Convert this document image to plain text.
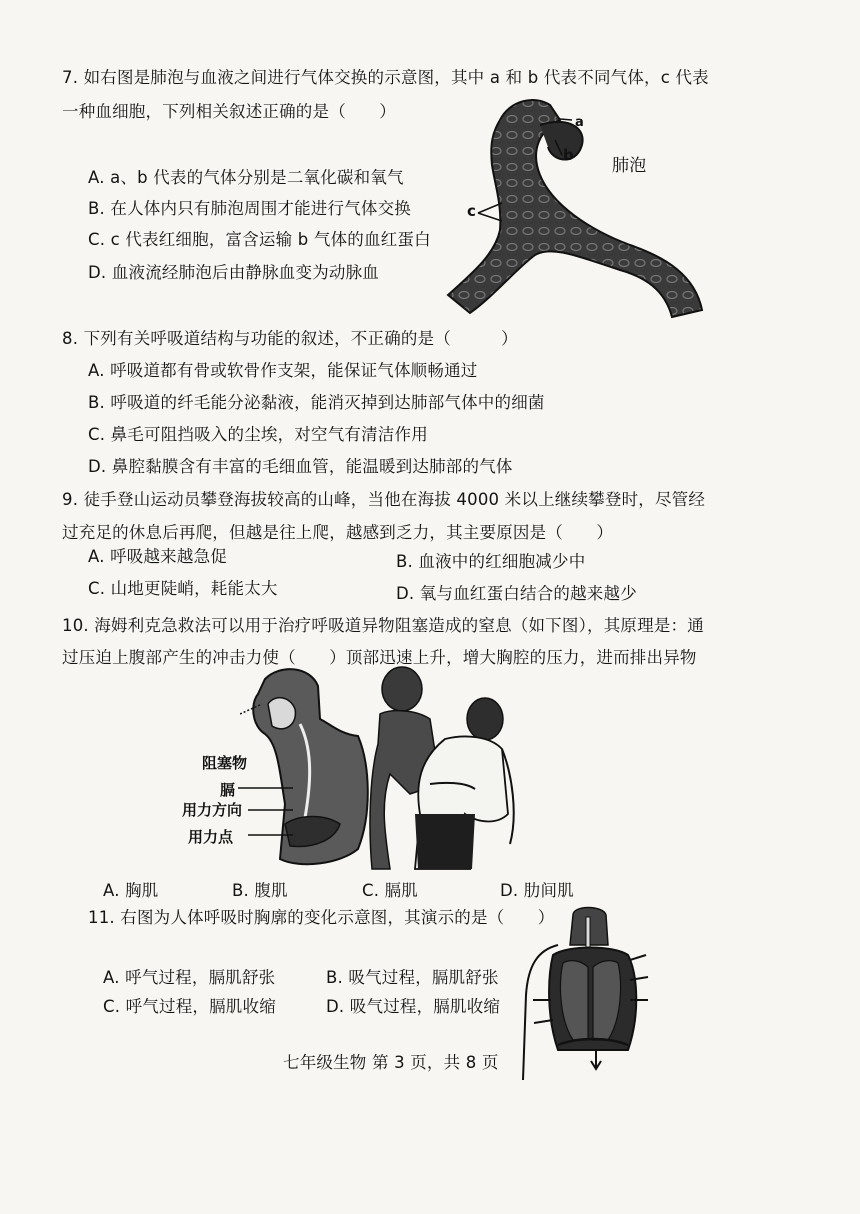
7. 如右图是肺泡与血液之间进行气体交换的示意图，其中 a 和 b 代表不同气体，c 代表
一种血细胞，下列相关叙述正确的是（　　）
A. a、b 代表的气体分别是二氧化碳和氧气
B. 在人体内只有肺泡周围才能进行气体交换
C. c 代表红细胞，富含运输 b 气体的血红蛋白
D. 血液流经肺泡后由静脉血变为动脉血
a
b
c
肺泡
8. 下列有关呼吸道结构与功能的叙述，不正确的是（　　　）
A. 呼吸道都有骨或软骨作支架，能保证气体顺畅通过
B. 呼吸道的纤毛能分泌黏液，能消灭掉到达肺部气体中的细菌
C. 鼻毛可阻挡吸入的尘埃，对空气有清洁作用
D. 鼻腔黏膜含有丰富的毛细血管，能温暖到达肺部的气体
9. 徒手登山运动员攀登海拔较高的山峰，当他在海拔 4000 米以上继续攀登时，尽管经
过充足的休息后再爬，但越是往上爬，越感到乏力，其主要原因是（　　）
A. 呼吸越来越急促	B. 血液中的红细胞减少中
C. 山地更陡峭，耗能太大	D. 氧与血红蛋白结合的越来越少
10. 海姆利克急救法可以用于治疗呼吸道异物阻塞造成的窒息（如下图），其原理是：通
过压迫上腹部产生的冲击力使（　　）顶部迅速上升，增大胸腔的压力，进而排出异物
阻塞物
膈
用力方向
用力点
A. 胸肌	B. 腹肌	C. 膈肌	D. 肋间肌
11. 右图为人体呼吸时胸廓的变化示意图，其演示的是（　　）
A. 呼气过程，膈肌舒张	B. 吸气过程，膈肌舒张
C. 呼气过程，膈肌收缩	D. 吸气过程，膈肌收缩
七年级生物 第 3 页，共 8 页
